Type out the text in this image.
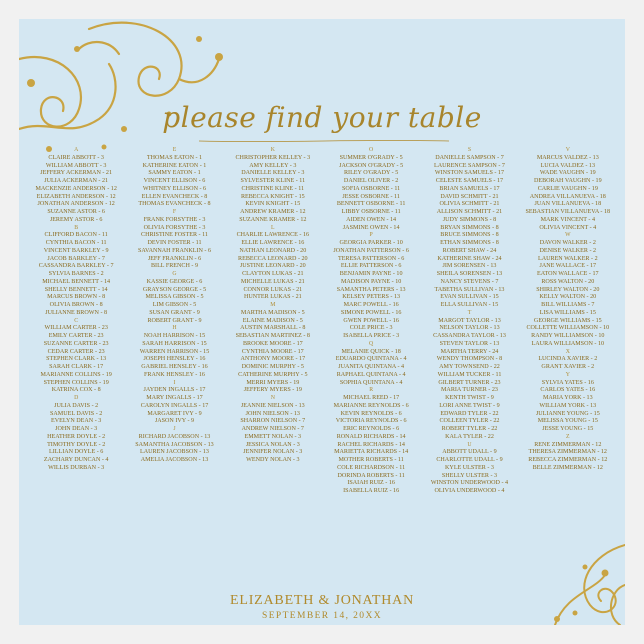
please find your table
A
CLAIRE ABBOTT - 3
WILLIAM ABBOTT - 3
JEFFERY ACKERMAN - 21
JULIA ACKERMAN - 21
MACKENZIE ANDERSON - 12
ELIZABETH ANDERSON - 12
JONATHAN ANDERSON - 12
SUZANNE ASTOR - 6
JEREMY ASTOR - 6
B
CLIFFORD BACON - 11
CYNTHIA BACON - 11
VINCENT BARKLEY - 9
JACOB BARKLEY - 7
CASSANDRA BARKLEY - 7
SYLVIA BARNES - 2
MICHAEL BENNETT - 14
SHELLY BENNETT - 14
MARCUS BROWN - 8
OLIVIA BROWN - 8
JULIANNE BROWN - 8
C
WILLIAM CARTER - 23
EMILY CARTER - 23
SUZANNE CARTER - 23
CEDAR CARTER - 23
STEPHEN CLARK - 13
SARAH CLARK - 17
MARIANNE COLLINS - 19
STEPHEN COLLINS - 19
KATRINA COX - 8
D
JULIA DAVIS - 2
SAMUEL DAVIS - 2
EVELYN DEAN - 3
JOHN DEAN - 3
HEATHER DOYLE - 2
TIMOTHY DOYLE - 2
LILLIAN DOYLE - 6
ZACHARY DUNCAN - 4
WILLIS DURBAN - 3
E
THOMAS EATON - 1
KATHERINE EATON - 1
SAMMY EATON - 1
VINCENT ELLISON - 6
WHITNEY ELLISON - 6
ELLEN EVANCHECK - 8
THOMAS EVANCHECK - 8
F
FRANK FORSYTHE - 3
OLIVIA FORSYTHE - 3
CHRISTINE FOSTER - 11
DEVIN FOSTER - 11
SAVANNAH FRANKLIN - 6
JEFF FRANKLIN - 6
BILL FRENCH - 9
G
KASSIE GEORGE - 6
GRAYSON GEORGE - 5
MELISSA GIBSON - 5
LIM GIBSON - 5
SUSAN GRANT - 9
ROBERT GRANT - 9
H
NOAH HARRISON - 15
SARAH HARRISON - 15
WARREN HARRISON - 15
JOSEPH HENSLEY - 16
GABRIEL HENSLEY - 16
FRANK HENSLEY - 16
I
JAYDEN INGALLS - 17
MARY INGALLS - 17
CAROLYN INGALLS - 17
MARGARET IVY - 9
JASON IVY - 9
J
RICHARD JACOBSON - 13
SAMANTHA JACOBSON - 13
LAUREN JACOBSON - 13
AMELIA JACOBSON - 13
K
CHRISTOPHER KELLEY - 3
AMY KELLEY - 3
DANIELLE KELLEY - 3
SYLVESTER KLINE - 11
CHRISTINE KLINE - 11
REBECCA KNIGHT - 15
KEVIN KNIGHT - 15
ANDREW KRAMER - 12
SUZANNE KRAMER - 12
L
CHARLIE LAWRENCE - 16
ELLIE LAWRENCE - 16
NATHAN LEONARD - 20
REBECCA LEONARD - 20
JUSTINE LEONARD - 20
CLAYTON LUKAS - 21
MICHELLE LUKAS - 21
CONNOR LUKAS - 21
HUNTER LUKAS - 21
M
MARTHA MADISON - 5
ELAINE MADISON - 5
AUSTIN MARSHALL - 8
SEBASTIAN MARTINEZ - 8
BROOKE MOORE - 17
CYNTHIA MOORE - 17
ANTHONY MOORE - 17
DOMINIC MURPHY - 5
CATHERINE MURPHY - 5
MERRI MYERS - 19
JEFFERY MYERS - 19
N
JEANNIE NIELSON - 13
JOHN NIELSON - 13
SHARRON NIELSON - 7
ANDREW NIELSON - 7
EMMETT NOLAN - 3
JESSICA NOLAN - 3
JENNIFER NOLAN - 3
WENDY NOLAN - 3
O
SUMMER O'GRADY - 5
JACKSON O'GRADY - 5
RILEY O'GRADY - 5
DANIEL OLIVER - 2
SOFIA OSBORNE - 11
JESSE OSBORNE - 11
BENNETT OSBORNE - 11
LIBBY OSBORNE - 11
AIDEN OWEN - 14
JASMINE OWEN - 14
P
GEORGIA PARKER - 10
JONATHAN PATTERSON - 6
TERESA PATTERSON - 6
ELLIE PATTERSON - 6
BENJAMIN PAYNE - 10
MADISON PAYNE - 10
SAMANTHA PETERS - 13
KELSEY PETERS - 13
MARC POWELL - 16
SIMONE POWELL - 16
GWEN POWELL - 16
COLE PRICE - 3
ISABELLA PRICE - 3
Q
MELANIE QUICK - 18
EDUARDO QUINTANA - 4
JUANITA QUINTANA - 4
RAPHAEL QUINTANA - 4
SOPHIA QUINTANA - 4
R
MICHAEL REED - 17
MARIANNE REYNOLDS - 6
KEVIN REYNOLDS - 6
VICTORIA REYNOLDS - 6
ERIC REYNOLDS - 6
RONALD RICHARDS - 14
RACHEL RICHARDS - 14
MARIETTA RICHARDS - 14
MOTHER ROBERTS - 11
COLE RICHARDSON - 11
DORINDA ROBERTS - 11
ISAIAH RUIZ - 16
ISABELLA RUIZ - 16
S
DANIELLE SAMPSON - 7
LAURENCE SAMPSON - 7
WINSTON SAMUELS - 17
CELESTE SAMUELS - 17
BRIAN SAMUELS - 17
DAVID SCHMITT - 21
OLIVIA SCHMITT - 21
ALLISON SCHMITT - 21
JUDY SIMMONS - 8
BRYAN SIMMONS - 8
BRUCE SIMMONS - 8
ETHAN SIMMONS - 8
ROBERT SHAW - 24
KATHERINE SHAW - 24
JIM SORENSEN - 13
SHEILA SORENSEN - 13
NANCY STEVENS - 7
TABETHA SULLIVAN - 13
EVAN SULLIVAN - 15
ELLA SULLIVAN - 15
T
MARGOT TAYLOR - 13
NELSON TAYLOR - 13
CASSANDRA TAYLOR - 13
STEVEN TAYLOR - 13
MARTHA TERRY - 24
WENDY THOMPSON - 8
AMY TOWNSEND - 22
WILLIAM TUCKER - 11
GILBERT TURNER - 23
MARIA TURNER - 23
KENTH TWIST - 9
LORI ANNE TWIST - 9
EDWARD TYLER - 22
COLLEEN TYLER - 22
ROBERT TYLER - 22
KALA TYLER - 22
U
ABBOTT UDALL - 9
CHARLOTTE UDALL - 9
KYLE ULSTER - 3
SHELLY ULSTER - 3
WINSTON UNDERWOOD - 4
OLIVIA UNDERWOOD - 4
V
MARCUS VALDEZ - 13
LUCIA VALDEZ - 13
WADE VAUGHN - 19
DEBORAH VAUGHN - 19
CARLIE VAUGHN - 19
ANDREA VILLANUEVA - 18
JUAN VILLANUEVA - 18
SEBASTIAN VILLANUEVA - 18
MARK VINCENT - 4
OLIVIA VINCENT - 4
W
DAVON WALKER - 2
DENISE WALKER - 2
LAUREN WALKER - 2
JANE WALLACE - 17
EATON WALLACE - 17
ROSS WALTON - 20
SHIRLEY WALTON - 20
KELLY WALTON - 20
BILL WILLIAMS - 7
LISA WILLIAMS - 15
GEORGE WILLIAMS - 15
COLLETTE WILLIAMSON - 10
RANDY WILLIAMSON - 10
LAURA WILLIAMSON - 10
X
LUCINDA XAVIER - 2
GRANT XAVIER - 2
Y
SYLVIA YATES - 16
CARLOS YATES - 16
MARIA YORK - 13
WILLIAM YORK - 13
JULIANNE YOUNG - 15
MELISSA YOUNG - 15
JESSE YOUNG - 15
Z
RENE ZIMMERMAN - 12
THERESA ZIMMERMAN - 12
REBECCA ZIMMERMAN - 12
BELLE ZIMMERMAN - 12
ELIZABETH & JONATHAN
SEPTEMBER 14, 20XX
